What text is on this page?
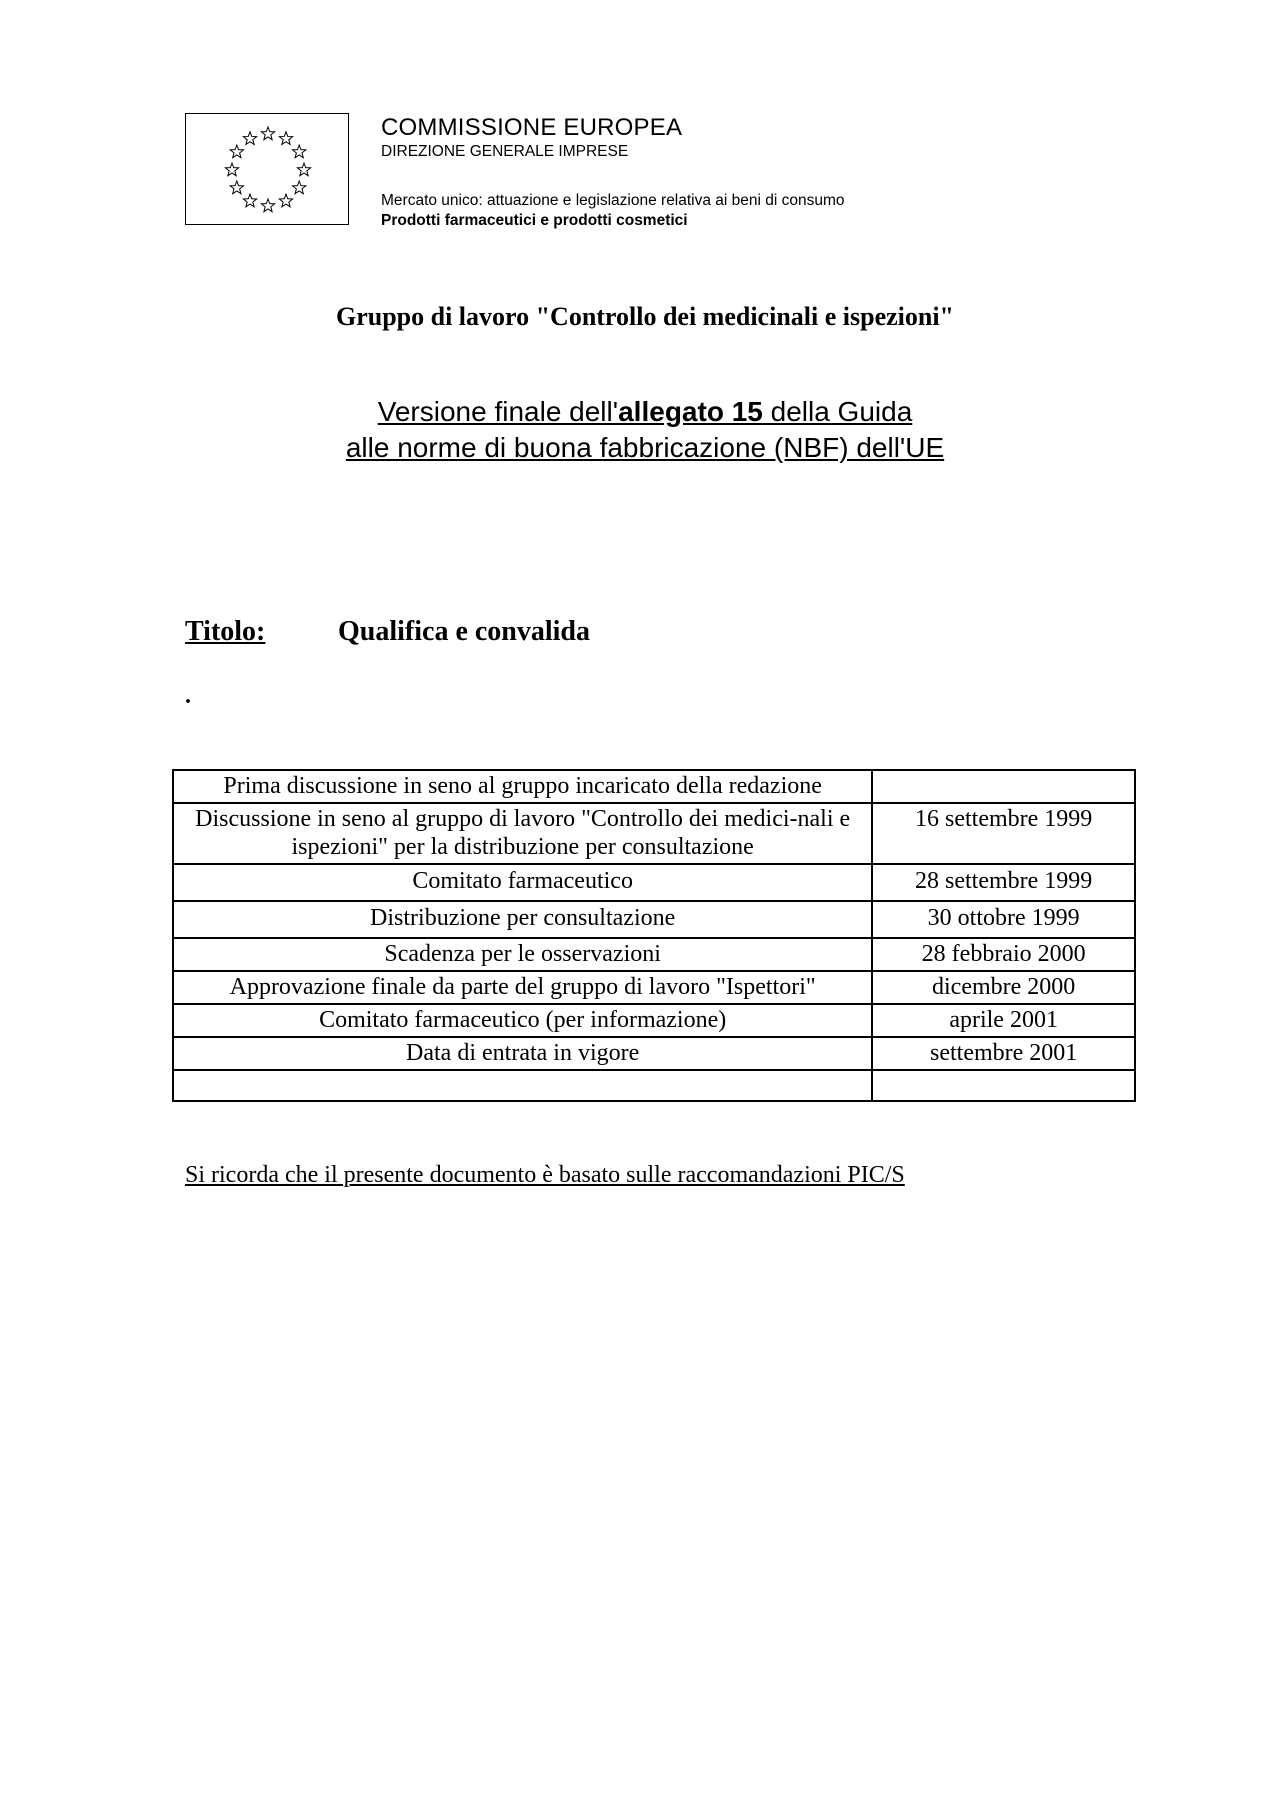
COMMISSIONE EUROPEA
DIREZIONE GENERALE IMPRESE
Mercato unico: attuazione e legislazione relativa ai beni di consumo
Prodotti farmaceutici e prodotti cosmetici
Gruppo di lavoro "Controllo dei medicinali e ispezioni"
Versione finale dell'allegato 15 della Guida
alle norme di buona fabbricazione (NBF) dell'UE
Titolo:	Qualifica e convalida
.
Prima discussione in seno al gruppo incaricato della redazione	
Discussione in seno al gruppo di lavoro "Controllo dei medici-nali e ispezioni" per la distribuzione per consultazione	16 settembre 1999
Comitato farmaceutico	28 settembre 1999
Distribuzione per consultazione	30 ottobre 1999
Scadenza per le osservazioni	28 febbraio 2000
Approvazione finale da parte del gruppo di lavoro "Ispettori"	dicembre 2000
Comitato farmaceutico (per informazione)	aprile 2001
Data di entrata in vigore	settembre 2001

Si ricorda che il presente documento è basato sulle raccomandazioni PIC/S
